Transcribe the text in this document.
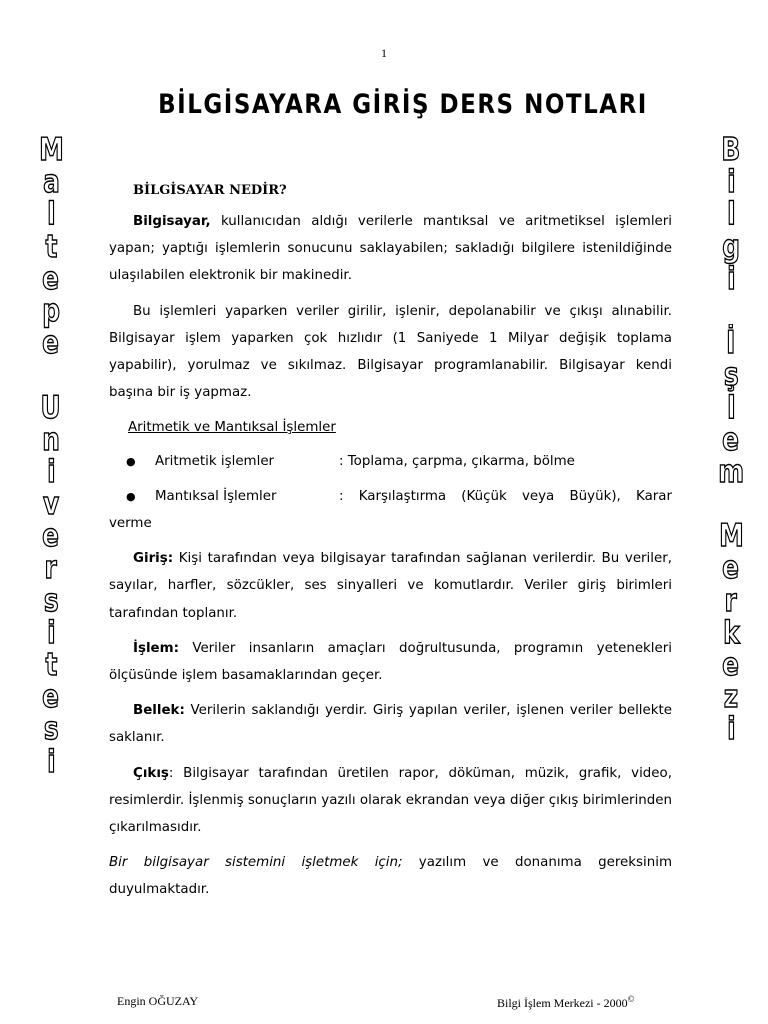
1
BİLGİSAYARA GİRİŞ DERS NOTLARI
M
a
l
t
e
p
e
U
n
i
v
e
r
s
i
t
e
s
i
B
i
l
g
i
İ
ş
l
e
m
M
e
r
k
e
z
i
BİLGİSAYAR NEDİR?

Bilgisayar, kullanıcıdan aldığı verilerle mantıksal ve aritmetiksel işlemleri yapan; yaptığı işlemlerin sonucunu saklayabilen; sakladığı bilgilere istenildiğinde ulaşılabilen elektronik bir makinedir.

Bu işlemleri yaparken veriler girilir, işlenir, depolanabilir ve çıkışı alınabilir. Bilgisayar işlem yaparken çok hızlıdır (1 Saniyede 1 Milyar değişik toplama yapabilir), yorulmaz ve sıkılmaz. Bilgisayar programlanabilir. Bilgisayar kendi başına bir iş yapmaz.

Aritmetik ve Mantıksal İşlemler
●	Aritmetik işlemler	: Toplama, çarpma, çıkarma, bölme
●	Mantıksal İşlemler	: Karşılaştırma (Küçük veya Büyük), Karar
verme

Giriş: Kişi tarafından veya bilgisayar tarafından sağlanan verilerdir. Bu veriler, sayılar, harfler, sözcükler, ses sinyalleri ve komutlardır. Veriler giriş birimleri tarafından toplanır.

İşlem: Veriler insanların amaçları doğrultusunda, programın yetenekleri ölçüsünde işlem basamaklarından geçer.

Bellek: Verilerin saklandığı yerdir. Giriş yapılan veriler, işlenen veriler bellekte saklanır.

Çıkış: Bilgisayar tarafından üretilen rapor, döküman, müzik, grafik, video, resimlerdir. İşlenmiş sonuçların yazılı olarak ekrandan veya diğer çıkış birimlerinden çıkarılmasıdır.

Bir bilgisayar sistemini işletmek için; yazılım ve donanıma gereksinim duyulmaktadır.

Engin OĞUZAY	Bilgi İşlem Merkezi - 2000©
